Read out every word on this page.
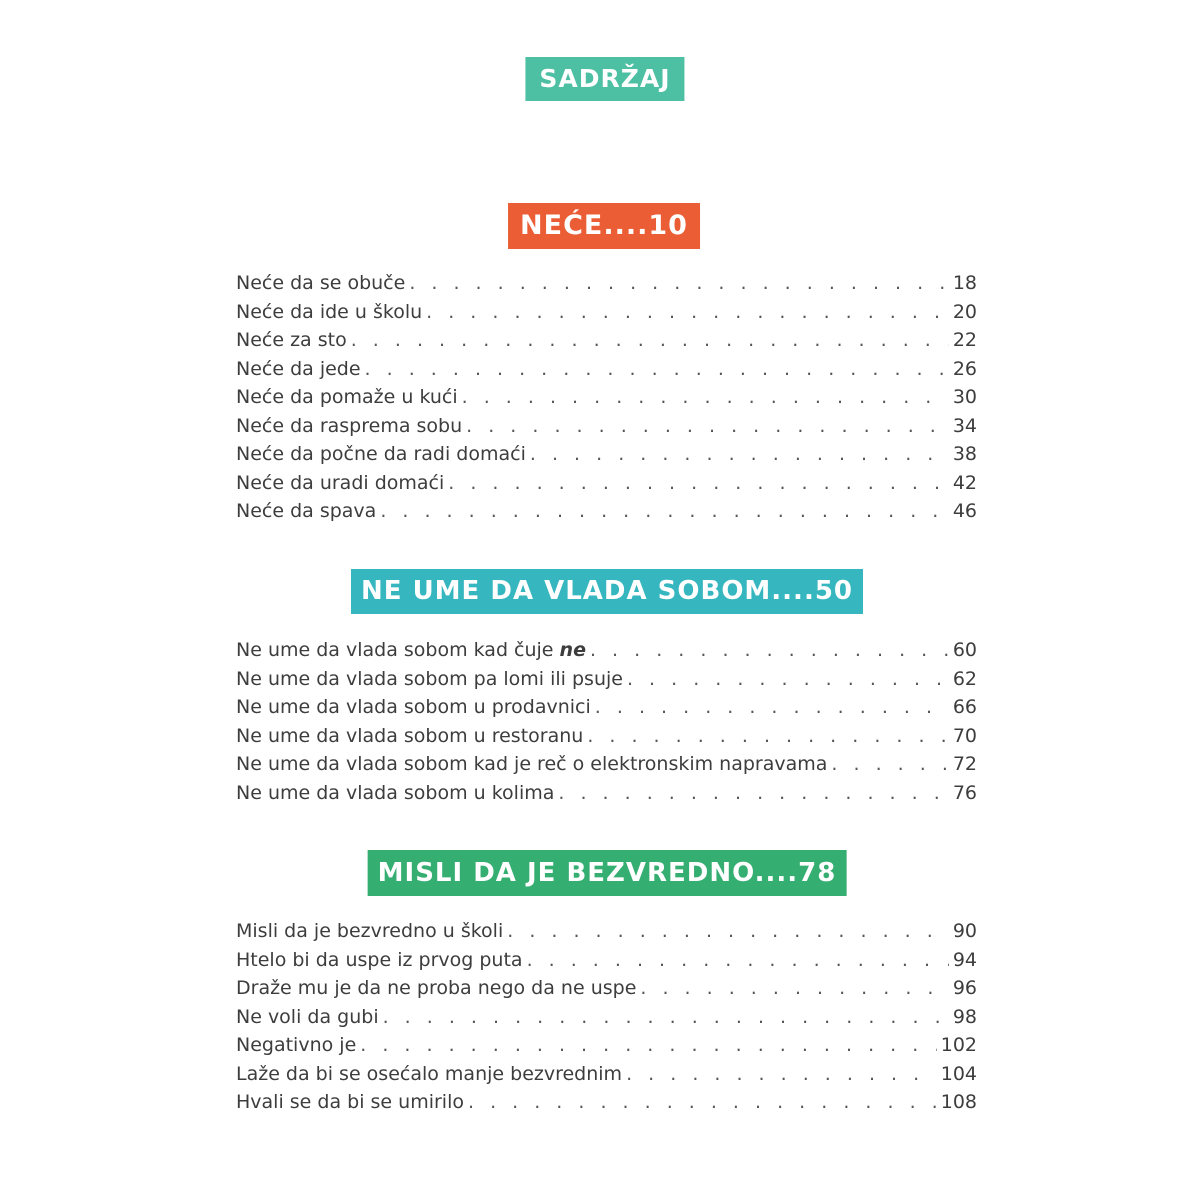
SADRŽAJ
NEĆE....10
Neće da se obuče . . .	18
Neće da ide u školu . . .	20
Neće za sto . . .	22
Neće da jede . . .	26
Neće da pomaže u kući . . .	30
Neće da raspremа sobu . . .	34
Neće da počne da radi domaći . . .	38
Neće da uradi domaći . . .	42
Neće da spava . . .	46
NE UME DA VLADA SOBOM....50
Ne ume da vlada sobom kad čuje ne . . .	60
Ne ume da vlada sobom pa lomi ili psuje . . .	62
Ne ume da vlada sobom u prodavnici . . .	66
Ne ume da vlada sobom u restoranu . . .	70
Ne ume da vlada sobom kad je reč o elektronskim napravama . . .	72
Ne ume da vlada sobom u kolima . . .	76
MISLI DA JE BEZVREDNO....78
Misli da je bezvredno u školi . . .	90
Htelo bi da uspe iz prvog puta . . .	94
Draže mu je da ne proba nego da ne uspe . . .	96
Ne voli da gubi . . .	98
Negativno je . . .	102
Laže da bi se osećalo manje bezvrednim . . .	104
Hvali se da bi se umirilo . . .	108
